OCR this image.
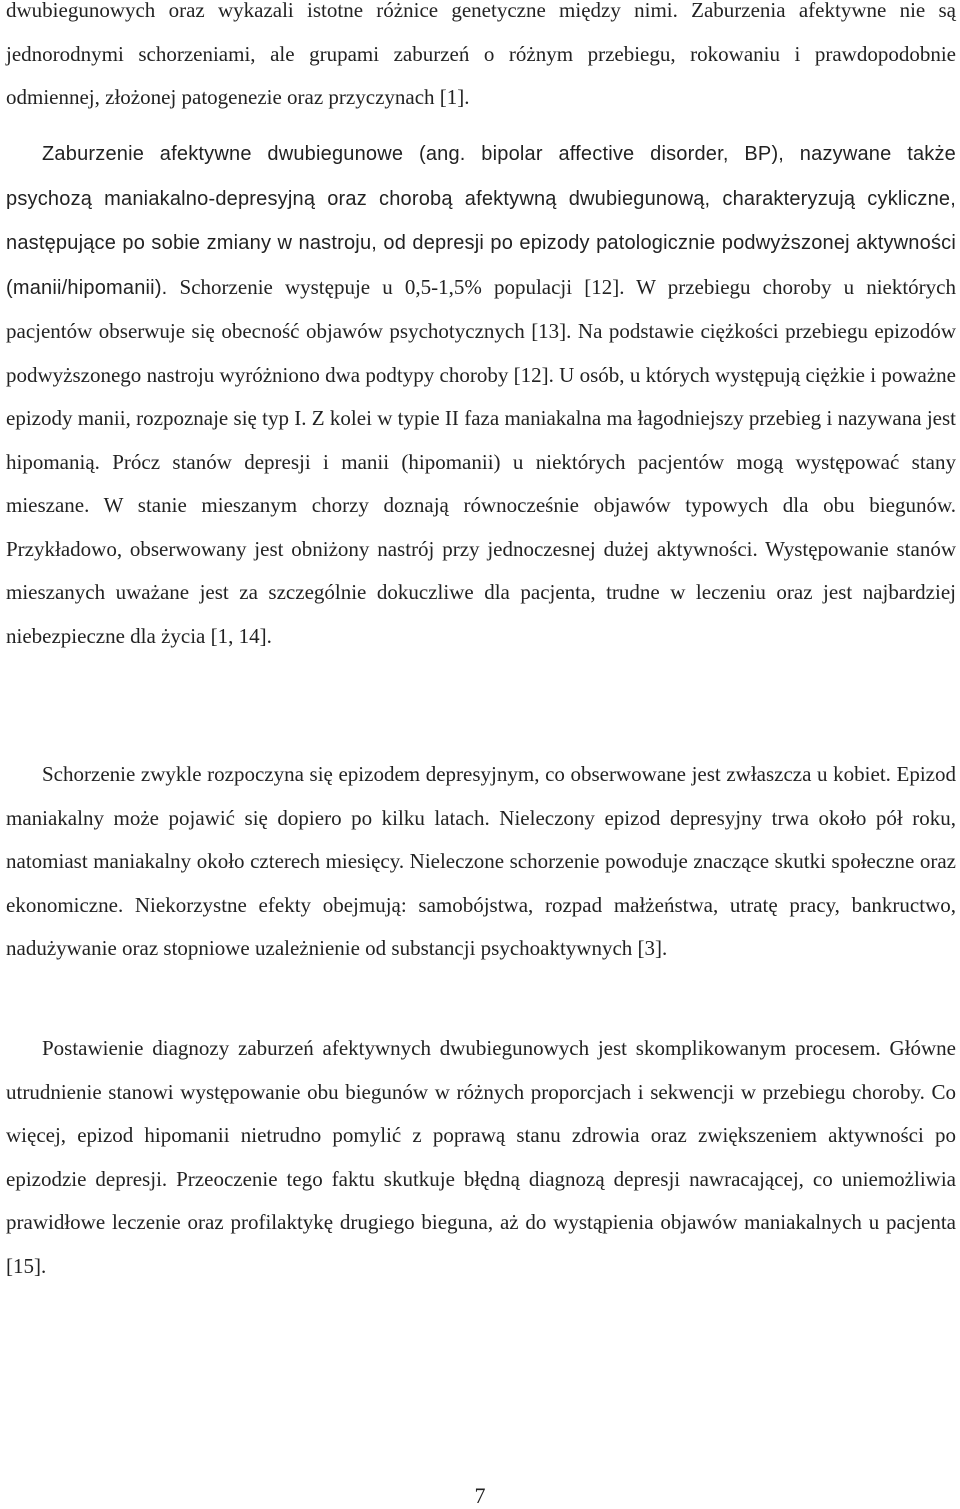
dwubiegunowych oraz wykazali istotne różnice genetyczne między nimi. Zaburzenia afektywne nie są jednorodnymi schorzeniami, ale grupami zaburzeń o różnym przebiegu, rokowaniu i prawdopodobnie odmiennej, złożonej patogenezie oraz przyczynach [1].

Zaburzenie afektywne dwubiegunowe (ang. bipolar affective disorder, BP), nazywane także psychozą maniakalno-depresyjną oraz chorobą afektywną dwubiegunową, charakteryzują cykliczne, następujące po sobie zmiany w nastroju, od depresji po epizody patologicznie podwyższonej aktywności (manii/hipomanii). Schorzenie występuje u 0,5-1,5% populacji [12]. W przebiegu choroby u niektórych pacjentów obserwuje się obecność objawów psychotycznych [13]. Na podstawie ciężkości przebiegu epizodów podwyższonego nastroju wyróżniono dwa podtypy choroby [12]. U osób, u których występują ciężkie i poważne epizody manii, rozpoznaje się typ I. Z kolei w typie II faza maniakalna ma łagodniejszy przebieg i nazywana jest hipomanią. Prócz stanów depresji i manii (hipomanii) u niektórych pacjentów mogą występować stany mieszane. W stanie mieszanym chorzy doznają równocześnie objawów typowych dla obu biegunów. Przykładowo, obserwowany jest obniżony nastrój przy jednoczesnej dużej aktywności. Występowanie stanów mieszanych uważane jest za szczególnie dokuczliwe dla pacjenta, trudne w leczeniu oraz jest najbardziej niebezpieczne dla życia [1, 14].

Schorzenie zwykle rozpoczyna się epizodem depresyjnym, co obserwowane jest zwłaszcza u kobiet. Epizod maniakalny może pojawić się dopiero po kilku latach. Nieleczony epizod depresyjny trwa około pół roku, natomiast maniakalny około czterech miesięcy. Nieleczone schorzenie powoduje znaczące skutki społeczne oraz ekonomiczne. Niekorzystne efekty obejmują: samobójstwa, rozpad małżeństwa, utratę pracy, bankructwo, nadużywanie oraz stopniowe uzależnienie od substancji psychoaktywnych [3].

Postawienie diagnozy zaburzeń afektywnych dwubiegunowych jest skomplikowanym procesem. Główne utrudnienie stanowi występowanie obu biegunów w różnych proporcjach i sekwencji w przebiegu choroby. Co więcej, epizod hipomanii nietrudno pomylić z poprawą stanu zdrowia oraz zwiększeniem aktywności po epizodzie depresji. Przeoczenie tego faktu skutkuje błędną diagnozą depresji nawracającej, co uniemożliwia prawidłowe leczenie oraz profilaktykę drugiego bieguna, aż do wystąpienia objawów maniakalnych u pacjenta [15].

7
